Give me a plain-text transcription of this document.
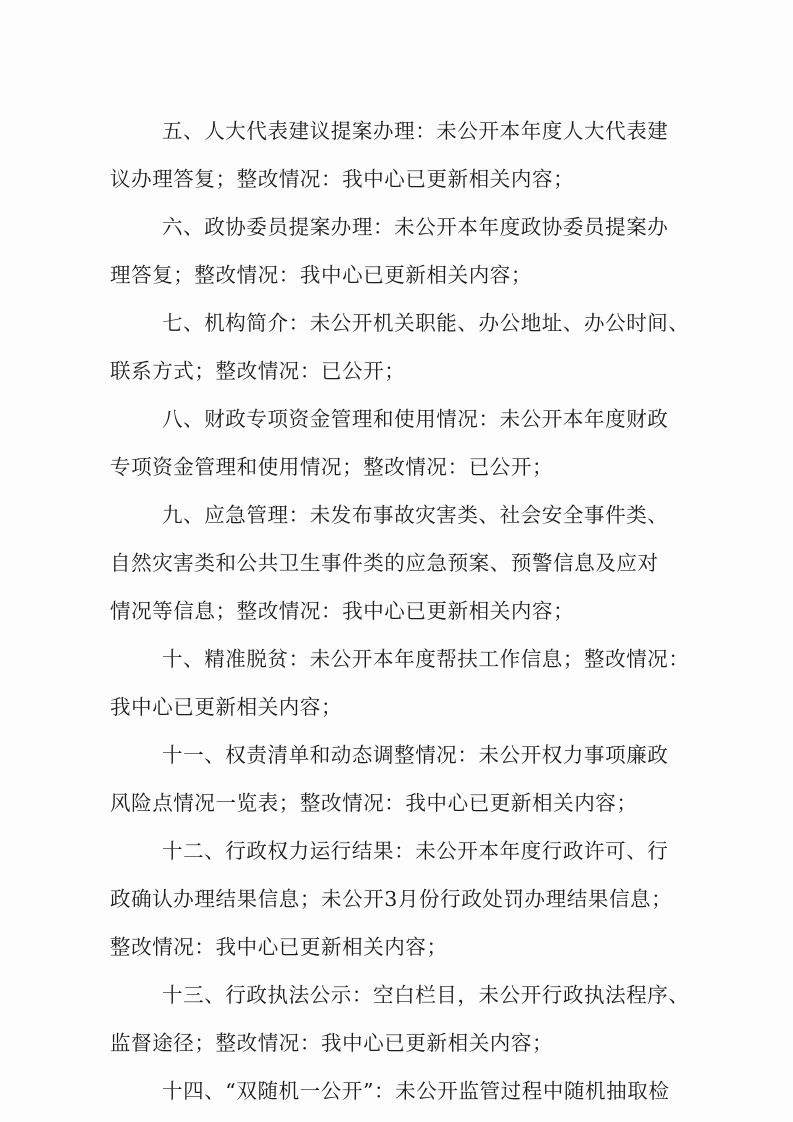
五、人大代表建议提案办理：未公开本年度人大代表建
议办理答复；整改情况：我中心已更新相关内容；
六、政协委员提案办理：未公开本年度政协委员提案办
理答复；整改情况：我中心已更新相关内容；
七、机构简介：未公开机关职能、办公地址、办公时间、
联系方式；整改情况：已公开；
八、财政专项资金管理和使用情况：未公开本年度财政
专项资金管理和使用情况；整改情况：已公开；
九、应急管理：未发布事故灾害类、社会安全事件类、
自然灾害类和公共卫生事件类的应急预案、预警信息及应对
情况等信息；整改情况：我中心已更新相关内容；
十、精准脱贫：未公开本年度帮扶工作信息；整改情况：
我中心已更新相关内容；
十一、权责清单和动态调整情况：未公开权力事项廉政
风险点情况一览表；整改情况：我中心已更新相关内容；
十二、行政权力运行结果：未公开本年度行政许可、行
政确认办理结果信息；未公开3月份行政处罚办理结果信息；
整改情况：我中心已更新相关内容；
十三、行政执法公示：空白栏目，未公开行政执法程序、
监督途径；整改情况：我中心已更新相关内容；
十四、“双随机一公开”：未公开监管过程中随机抽取检
